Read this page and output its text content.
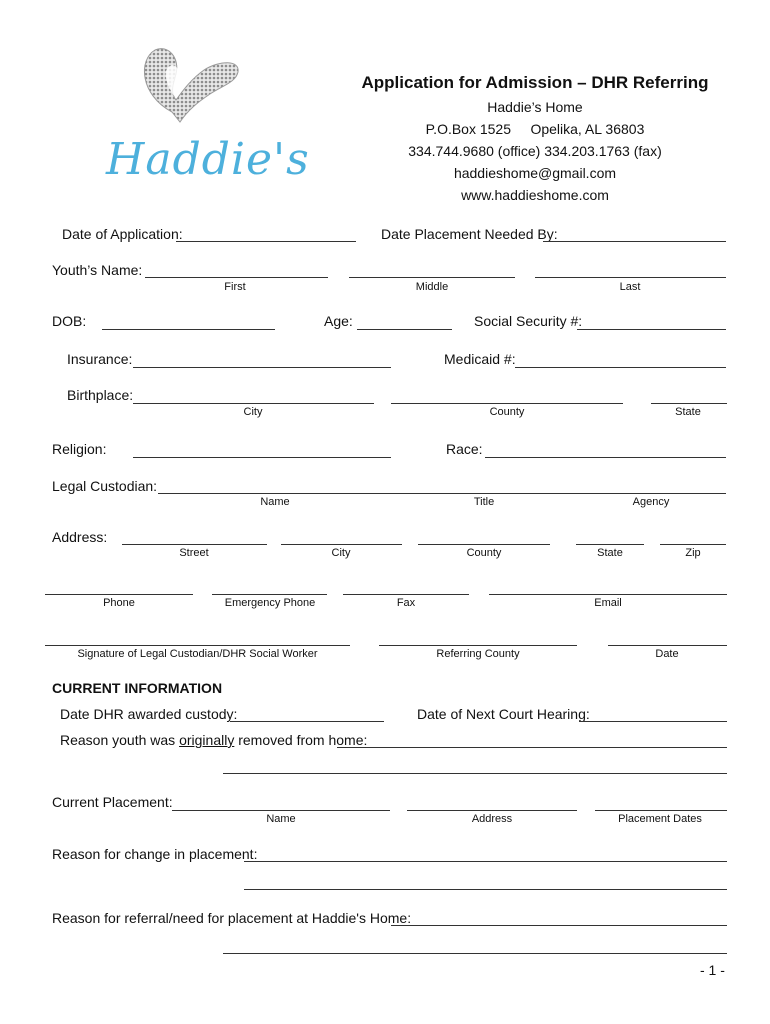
Haddie's
Application for Admission – DHR Referring
Haddie’s Home
P.O.Box 1525     Opelika, AL 36803
334.744.9680 (office) 334.203.1763 (fax)
haddieshome@gmail.com
www.haddieshome.com
Date of Application:	Date Placement Needed By:
Youth’s Name:
First	Middle	Last
DOB:	Age:	Social Security #:
Insurance:	Medicaid #:
Birthplace:
City	County	State
Religion:	Race:
Legal Custodian:
Name	Title	Agency
Address:
Street	City	County	State	Zip
Phone	Emergency Phone	Fax	Email
Signature of Legal Custodian/DHR Social Worker	Referring County	Date
CURRENT INFORMATION
Date DHR awarded custody:	Date of Next Court Hearing:
Reason youth was originally removed from home:
Current Placement:
Name	Address	Placement Dates
Reason for change in placement:
Reason for referral/need for placement at Haddie's Home:
- 1 -
